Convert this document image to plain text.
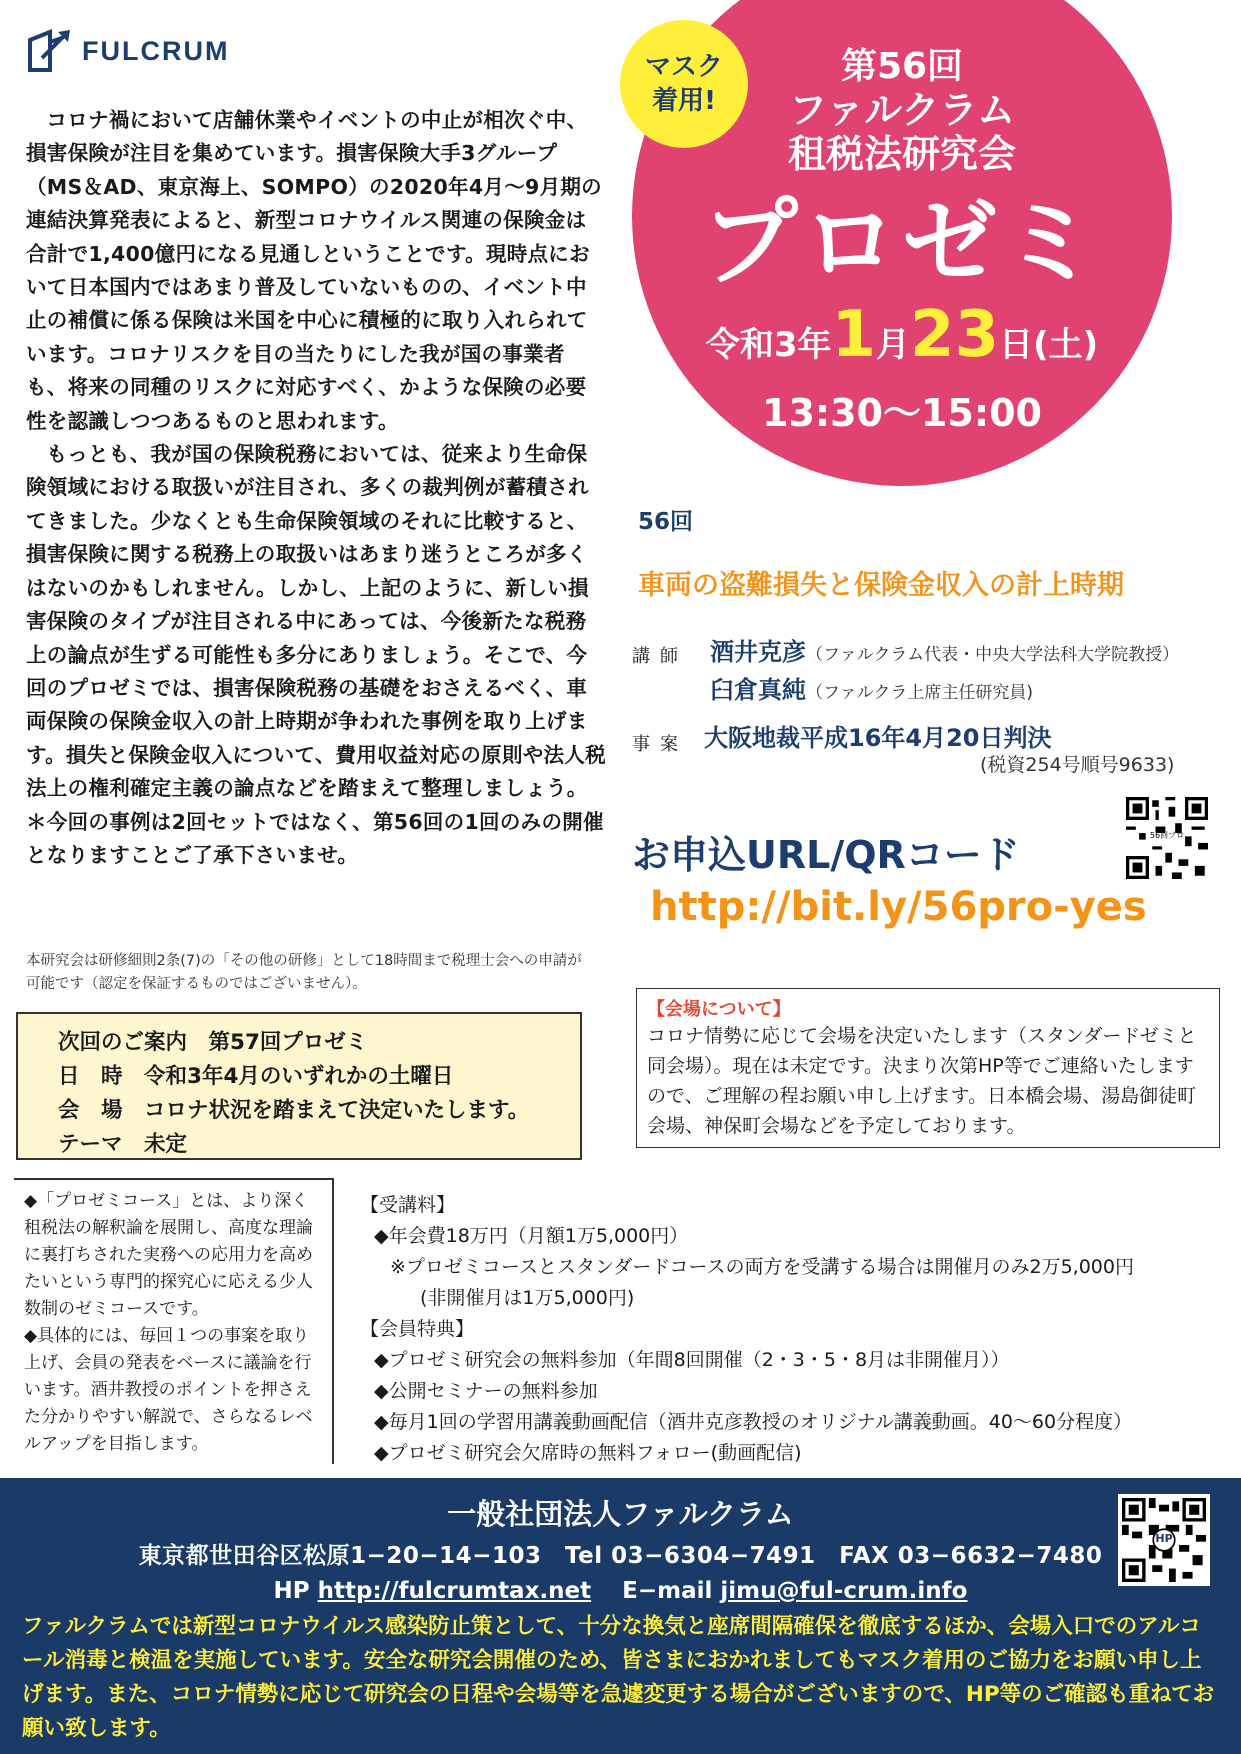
FULCRUM

コロナ禍において店舗休業やイベントの中止が相次ぐ中、損害保険が注目を集めています。損害保険大手3グループ（MS＆AD、東京海上、SOMPO）の2020年4月〜9月期の連結決算発表によると、新型コロナウイルス関連の保険金は合計で1,400億円になる見通しということです。現時点において日本国内ではあまり普及していないものの、イベント中止の補償に係る保険は米国を中心に積極的に取り入れられています。コロナリスクを目の当たりにした我が国の事業者も、将来の同種のリスクに対応すべく、かような保険の必要性を認識しつつあるものと思われます。

もっとも、我が国の保険税務においては、従来より生命保険領域における取扱いが注目され、多くの裁判例が蓄積されてきました。少なくとも生命保険領域のそれに比較すると、損害保険に関する税務上の取扱いはあまり迷うところが多くはないのかもしれません。しかし、上記のように、新しい損害保険のタイプが注目される中にあっては、今後新たな税務上の論点が生ずる可能性も多分にありましょう。そこで、今回のプロゼミでは、損害保険税務の基礎をおさえるべく、車両保険の保険金収入の計上時期が争われた事例を取り上げます。損失と保険金収入について、費用収益対応の原則や法人税法上の権利確定主義の論点などを踏まえて整理しましょう。

＊今回の事例は2回セットではなく、第56回の1回のみの開催となりますことご了承下さいませ。

本研究会は研修細則2条(7)の「その他の研修」として18時間まで税理士会への申請が可能です（認定を保証するものではございません）。
第56回
ファルクラム
租税法研究会
プロゼミ
令和3年1月23日(土)
13:30〜15:00
マスク
着用!
56回
車両の盗難損失と保険金収入の計上時期
講師 酒井克彦（ファルクラム代表・中央大学法科大学院教授）
臼倉真純（ファルクラ上席主任研究員)
事案 大阪地裁平成16年4月20日判決
(税資254号順号9633)
お申込URL/QRコード
http://bit.ly/56pro-yes
56回プロ
【会場について】
コロナ情勢に応じて会場を決定いたします（スタンダードゼミと同会場）。現在は未定です。決まり次第HP等でご連絡いたしますので、ご理解の程お願い申し上げます。日本橋会場、湯島御徒町会場、神保町会場などを予定しております。
次回のご案内　第57回プロゼミ
日　時　令和3年4月のいずれかの土曜日
会　場　コロナ状況を踏まえて決定いたします。
テーマ　未定

◆「プロゼミコース」とは、より深く租税法の解釈論を展開し、高度な理論に裏打ちされた実務への応用力を高めたいという専門的探究心に応える少人数制のゼミコースです。

◆具体的には、毎回１つの事案を取り上げ、会員の発表をベースに議論を行います。酒井教授のポイントを押さえた分かりやすい解説で、さらなるレベルアップを目指します。

【受講料】
◆年会費18万円（月額1万5,000円）
※プロゼミコースとスタンダードコースの両方を受講する場合は開催月のみ2万5,000円
(非開催月は1万5,000円)
【会員特典】
◆プロゼミ研究会の無料参加（年間8回開催（2・3・5・8月は非開催月））
◆公開セミナーの無料参加
◆毎月1回の学習用講義動画配信（酒井克彦教授のオリジナル講義動画。40〜60分程度）
◆プロゼミ研究会欠席時の無料フォロー(動画配信)
一般社団法人ファルクラム
東京都世田谷区松原1−20−14−103　Tel 03−6304−7491　FAX 03−6632−7480
HP http://fulcrumtax.net　 E−mail jimu@ful-crum.info
HP

ファルクラムでは新型コロナウイルス感染防止策として、十分な換気と座席間隔確保を徹底するほか、会場入口でのアルコール消毒と検温を実施しています。安全な研究会開催のため、皆さまにおかれましてもマスク着用のご協力をお願い申し上げます。また、コロナ情勢に応じて研究会の日程や会場等を急遽変更する場合がございますので、HP等のご確認も重ねてお願い致します。
